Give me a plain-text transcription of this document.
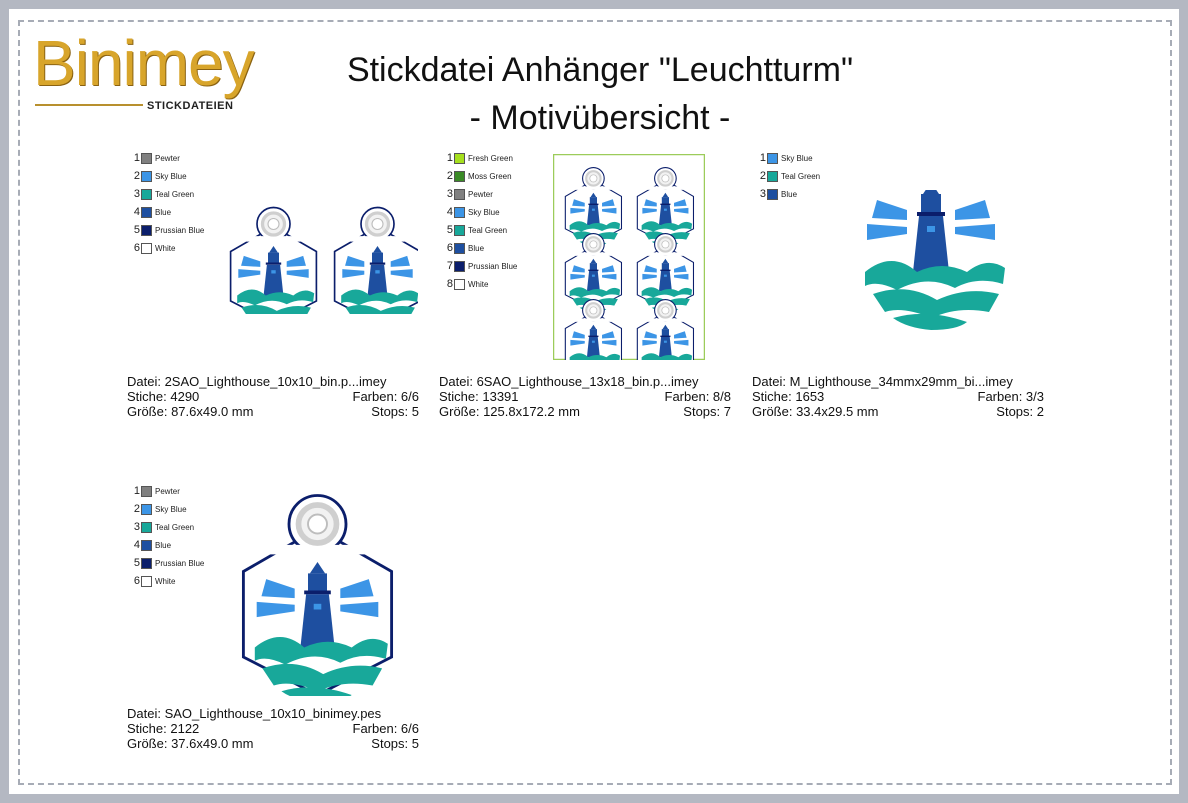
Binimey
STICKDATEIEN
Stickdatei Anhänger "Leuchtturm"
- Motivübersicht -
1 Pewter
2 Sky Blue
3 Teal Green
4 Blue
5 Prussian Blue
6 White
Datei: 2SAO_Lighthouse_10x10_bin.p...imey
Stiche: 4290	Farben: 6/6
Größe: 87.6x49.0 mm	Stops: 5
1 Fresh Green
2 Moss Green
3 Pewter
4 Sky Blue
5 Teal Green
6 Blue
7 Prussian Blue
8 White
Datei: 6SAO_Lighthouse_13x18_bin.p...imey
Stiche: 13391	Farben: 8/8
Größe: 125.8x172.2 mm	Stops: 7
1 Sky Blue
2 Teal Green
3 Blue
Datei: M_Lighthouse_34mmx29mm_bi...imey
Stiche: 1653	Farben: 3/3
Größe: 33.4x29.5 mm	Stops: 2
1 Pewter
2 Sky Blue
3 Teal Green
4 Blue
5 Prussian Blue
6 White
Datei: SAO_Lighthouse_10x10_binimey.pes
Stiche: 2122	Farben: 6/6
Größe: 37.6x49.0 mm	Stops: 5
